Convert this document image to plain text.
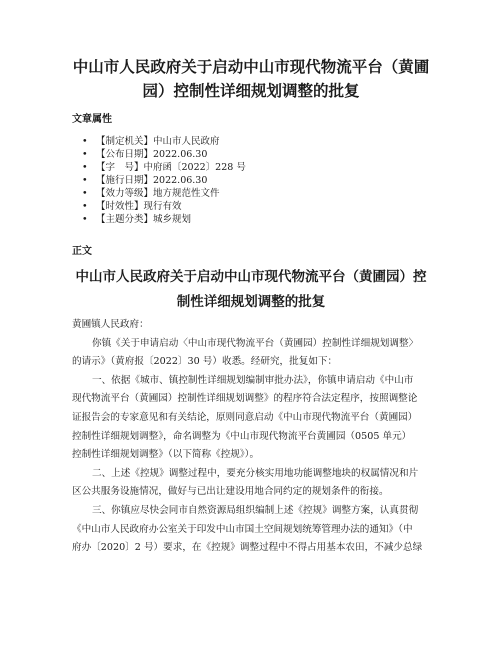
中山市人民政府关于启动中山市现代物流平台（黄圃
园）控制性详细规划调整的批复
文章属性
• 【制定机关】中山市人民政府
• 【公布日期】2022.06.30
• 【字　号】中府函〔2022〕228 号
• 【施行日期】2022.06.30
• 【效力等级】地方规范性文件
• 【时效性】现行有效
• 【主题分类】城乡规划
正文
中山市人民政府关于启动中山市现代物流平台（黄圃园）控
制性详细规划调整的批复
黄圃镇人民政府：
你镇《关于申请启动〈中山市现代物流平台（黄圃园）控制性详细规划调整〉
的请示》（黄府报〔2022〕30 号）收悉。经研究，批复如下：
一、依据《城市、镇控制性详细规划编制审批办法》，你镇申请启动《中山市
现代物流平台（黄圃园）控制性详细规划调整》的程序符合法定程序，按照调整论
证报告会的专家意见和有关结论，原则同意启动《中山市现代物流平台（黄圃园）
控制性详细规划调整》，命名调整为《中山市现代物流平台黄圃园（0505 单元）
控制性详细规划调整》（以下简称《控规》）。
二、上述《控规》调整过程中，要充分核实用地功能调整地块的权属情况和片
区公共服务设施情况，做好与已出让建设用地合同约定的规划条件的衔接。
三、你镇应尽快会同市自然资源局组织编制上述《控规》调整方案，认真贯彻
《中山市人民政府办公室关于印发中山市国土空间规划统筹管理办法的通知》（中
府办〔2020〕2 号）要求，在《控规》调整过程中不得占用基本农田，不减少总绿
